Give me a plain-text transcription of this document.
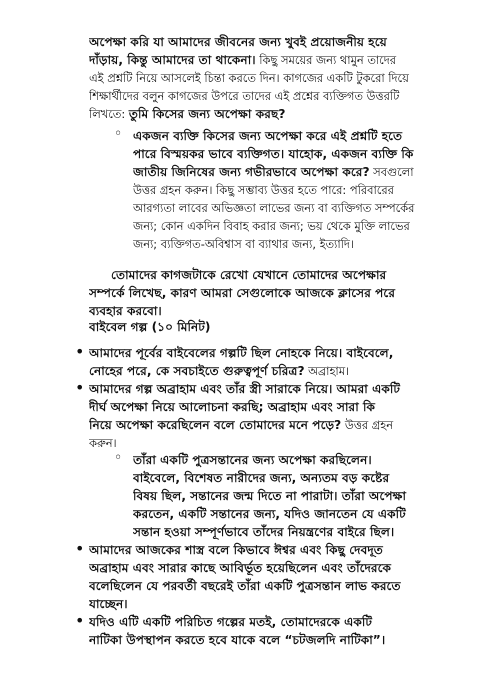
অপেক্ষা করি যা আমাদের জীবনের জন্য খুবই প্রয়োজনীয় হয়ে
দাঁড়ায়, কিন্তু আমাদের তা থাকেনা। কিছু সময়ের জন্য থামুন তাদের
এই প্রশ্নটি নিয়ে আসলেই চিন্তা করতে দিন। কাগজের একটি টুকরো দিয়ে
শিক্ষার্থীদের বলুন কাগজের উপরে তাদের এই প্রশ্নের ব্যক্তিগত উত্তরটি
লিখতে: তুমি কিসের জন্য অপেক্ষা করছ?
◦
একজন ব্যক্তি কিসের জন্য অপেক্ষা করে এই প্রশ্নটি হতে
পারে বিস্ময়কর ভাবে ব্যক্তিগত। যাহোক, একজন ব্যক্তি কি
জাতীয় জিনিষের জন্য গভীরভাবে অপেক্ষা করে? সবগুলো
উত্তর গ্রহন করুন। কিছু সম্ভাব্য উত্তর হতে পারে: পরিবারের
আরগ্যতা লাবের অভিজ্ঞতা লাভের জন্য বা ব্যক্তিগত সম্পর্কের
জন্য; কোন একদিন বিবাহ করার জন্য; ভয় থেকে মুক্তি লাভের
জন্য; ব্যক্তিগত-অবিশ্বাস বা ব্যাথার জন্য, ইত্যাদি।
তোমাদের কাগজটাকে রেখো যেখানে তোমাদের অপেক্ষার
সম্পর্কে লিখেছ, কারণ আমরা সেগুলোকে আজকে ক্লাসের পরে
ব্যবহার করবো।
বাইবেল গল্প (১০ মিনিট)
•
আমাদের পূর্বের বাইবেলের গল্পটি ছিল নোহকে নিয়ে। বাইবেলে,
নোহের পরে, কে সবচাইতে গুরুত্বপূর্ণ চরিত্র? অব্রাহাম।
•
আমাদের গল্প অব্রাহাম এবং তাঁর স্ত্রী সারাকে নিয়ে। আমরা একটি
দীর্ঘ অপেক্ষা নিয়ে আলোচনা করছি; অব্রাহাম এবং সারা কি
নিয়ে অপেক্ষা করেছিলেন বলে তোমাদের মনে পড়ে? উত্তর গ্রহন
করুন।
◦
তাঁরা একটি পুত্রসন্তানের জন্য অপেক্ষা করছিলেন।
বাইবেলে, বিশেষত নারীদের জন্য, অন্যতম বড় কষ্টের
বিষয় ছিল, সন্তানের জন্ম দিতে না পারাটা। তাঁরা অপেক্ষা
করতেন, একটি সন্তানের জন্য, যদিও জানতেন যে একটি
সন্তান হওয়া সম্পূর্ণভাবে তাঁদের নিয়ন্ত্রণের বাইরে ছিল।
•
আমাদের আজকের শাস্ত্র বলে কিভাবে ঈশ্বর এবং কিছু দেবদূত
অব্রাহাম এবং সারার কাছে আবির্ভূত হয়েছিলেন এবং তাঁদেরকে
বলেছিলেন যে পরবর্তী বছরেই তাঁরা একটি পুত্রসন্তান লাভ করতে
যাচ্ছেন।
•
যদিও এটি একটি পরিচিত গল্পের মতই, তোমাদেরকে একটি
নাটিকা উপস্থাপন করতে হবে যাকে বলে “চটজলদি নাটিকা”।
